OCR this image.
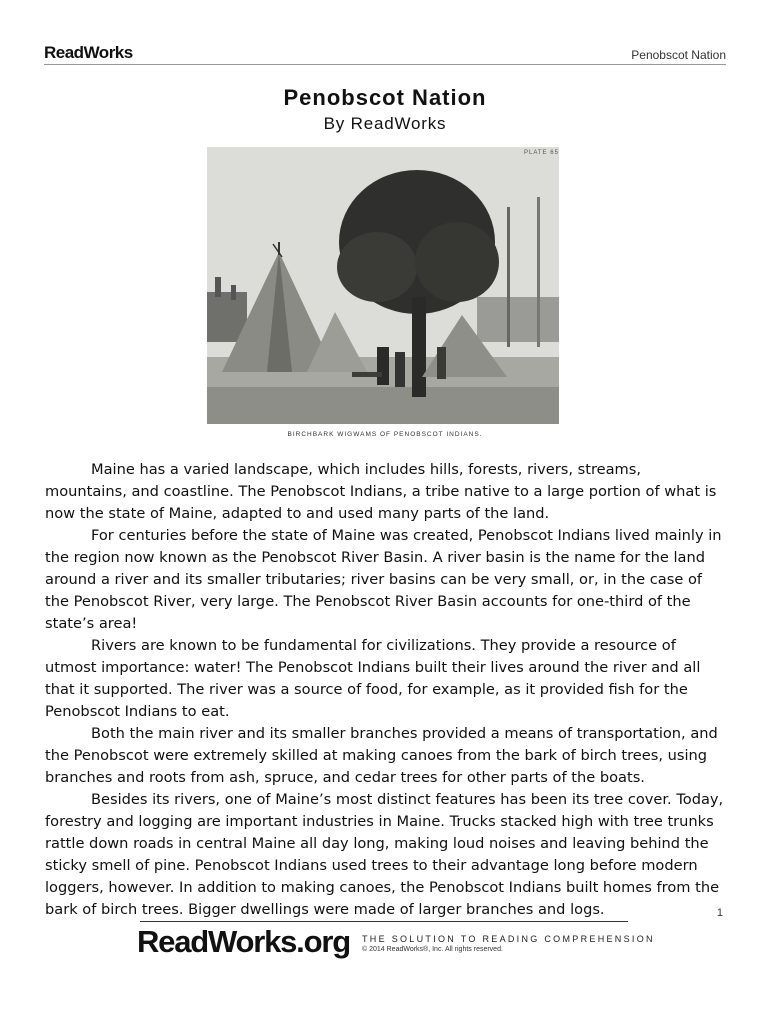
ReadWorks	Penobscot Nation
Penobscot Nation
By ReadWorks
PLATE 65
BIRCHBARK WIGWAMS OF PENOBSCOT INDIANS.

Maine has a varied landscape, which includes hills, forests, rivers, streams, mountains, and coastline. The Penobscot Indians, a tribe native to a large portion of what is now the state of Maine, adapted to and used many parts of the land.

For centuries before the state of Maine was created, Penobscot Indians lived mainly in the region now known as the Penobscot River Basin. A river basin is the name for the land around a river and its smaller tributaries; river basins can be very small, or, in the case of the Penobscot River, very large. The Penobscot River Basin accounts for one-third of the state’s area!

Rivers are known to be fundamental for civilizations. They provide a resource of utmost importance: water! The Penobscot Indians built their lives around the river and all that it supported. The river was a source of food, for example, as it provided fish for the Penobscot Indians to eat.

Both the main river and its smaller branches provided a means of transportation, and the Penobscot were extremely skilled at making canoes from the bark of birch trees, using branches and roots from ash, spruce, and cedar trees for other parts of the boats.

Besides its rivers, one of Maine’s most distinct features has been its tree cover. Today, forestry and logging are important industries in Maine. Trucks stacked high with tree trunks rattle down roads in central Maine all day long, making loud noises and leaving behind the sticky smell of pine. Penobscot Indians used trees to their advantage long before modern loggers, however. In addition to making canoes, the Penobscot Indians built homes from the bark of birch trees. Bigger dwellings were made of larger branches and logs.	1
ReadWorks.org THE SOLUTION TO READING COMPREHENSION
© 2014 ReadWorks®, Inc. All rights reserved.
